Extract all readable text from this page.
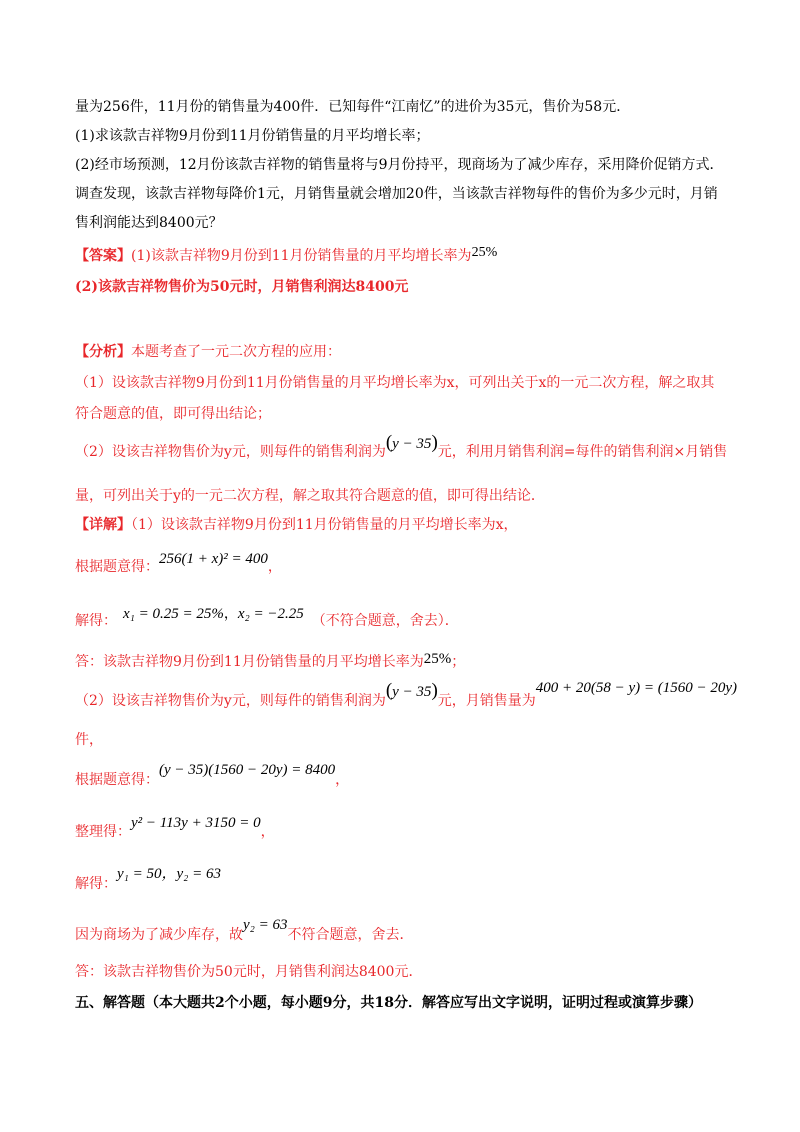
量为256件，11月份的销售量为400件．已知每件“江南忆”的进价为35元，售价为58元．
(1)求该款吉祥物9月份到11月份销售量的月平均增长率；
(2)经市场预测，12月份该款吉祥物的销售量将与9月份持平，现商场为了减少库存，采用降价促销方式．
调查发现，该款吉祥物每降价1元，月销售量就会增加20件，当该款吉祥物每件的售价为多少元时，月销
售利润能达到8400元？
【答案】(1)该款吉祥物9月份到11月份销售量的月平均增长率为25%
(2)该款吉祥物售价为50元时，月销售利润达8400元
【分析】本题考查了一元二次方程的应用：
（1）设该款吉祥物9月份到11月份销售量的月平均增长率为x，可列出关于x的一元二次方程，解之取其
符合题意的值，即可得出结论；
（2）设该吉祥物售价为y元，则每件的销售利润为(y − 35)元，利用月销售利润=每件的销售利润×月销售
量，可列出关于y的一元二次方程，解之取其符合题意的值，即可得出结论．
【详解】（1）设该款吉祥物9月份到11月份销售量的月平均增长率为x，
根据题意得：256(1 + x)² = 400，
解得： x₁ = 0.25 = 25%，x₂ = −2.25 （不符合题意，舍去）．
答：该款吉祥物9月份到11月份销售量的月平均增长率为25%；
（2）设该吉祥物售价为y元，则每件的销售利润为(y − 35)元，月销售量为400 + 20(58 − y) = (1560 − 20y)
件，
根据题意得：(y − 35)(1560 − 20y) = 8400，
整理得：y² − 113y + 3150 = 0，
解得：y₁ = 50，y₂ = 63
因为商场为了减少库存，故y₂ = 63不符合题意，舍去．
答：该款吉祥物售价为50元时，月销售利润达8400元．
五、解答题（本大题共2个小题，每小题9分，共18分．解答应写出文字说明，证明过程或演算步骤）
